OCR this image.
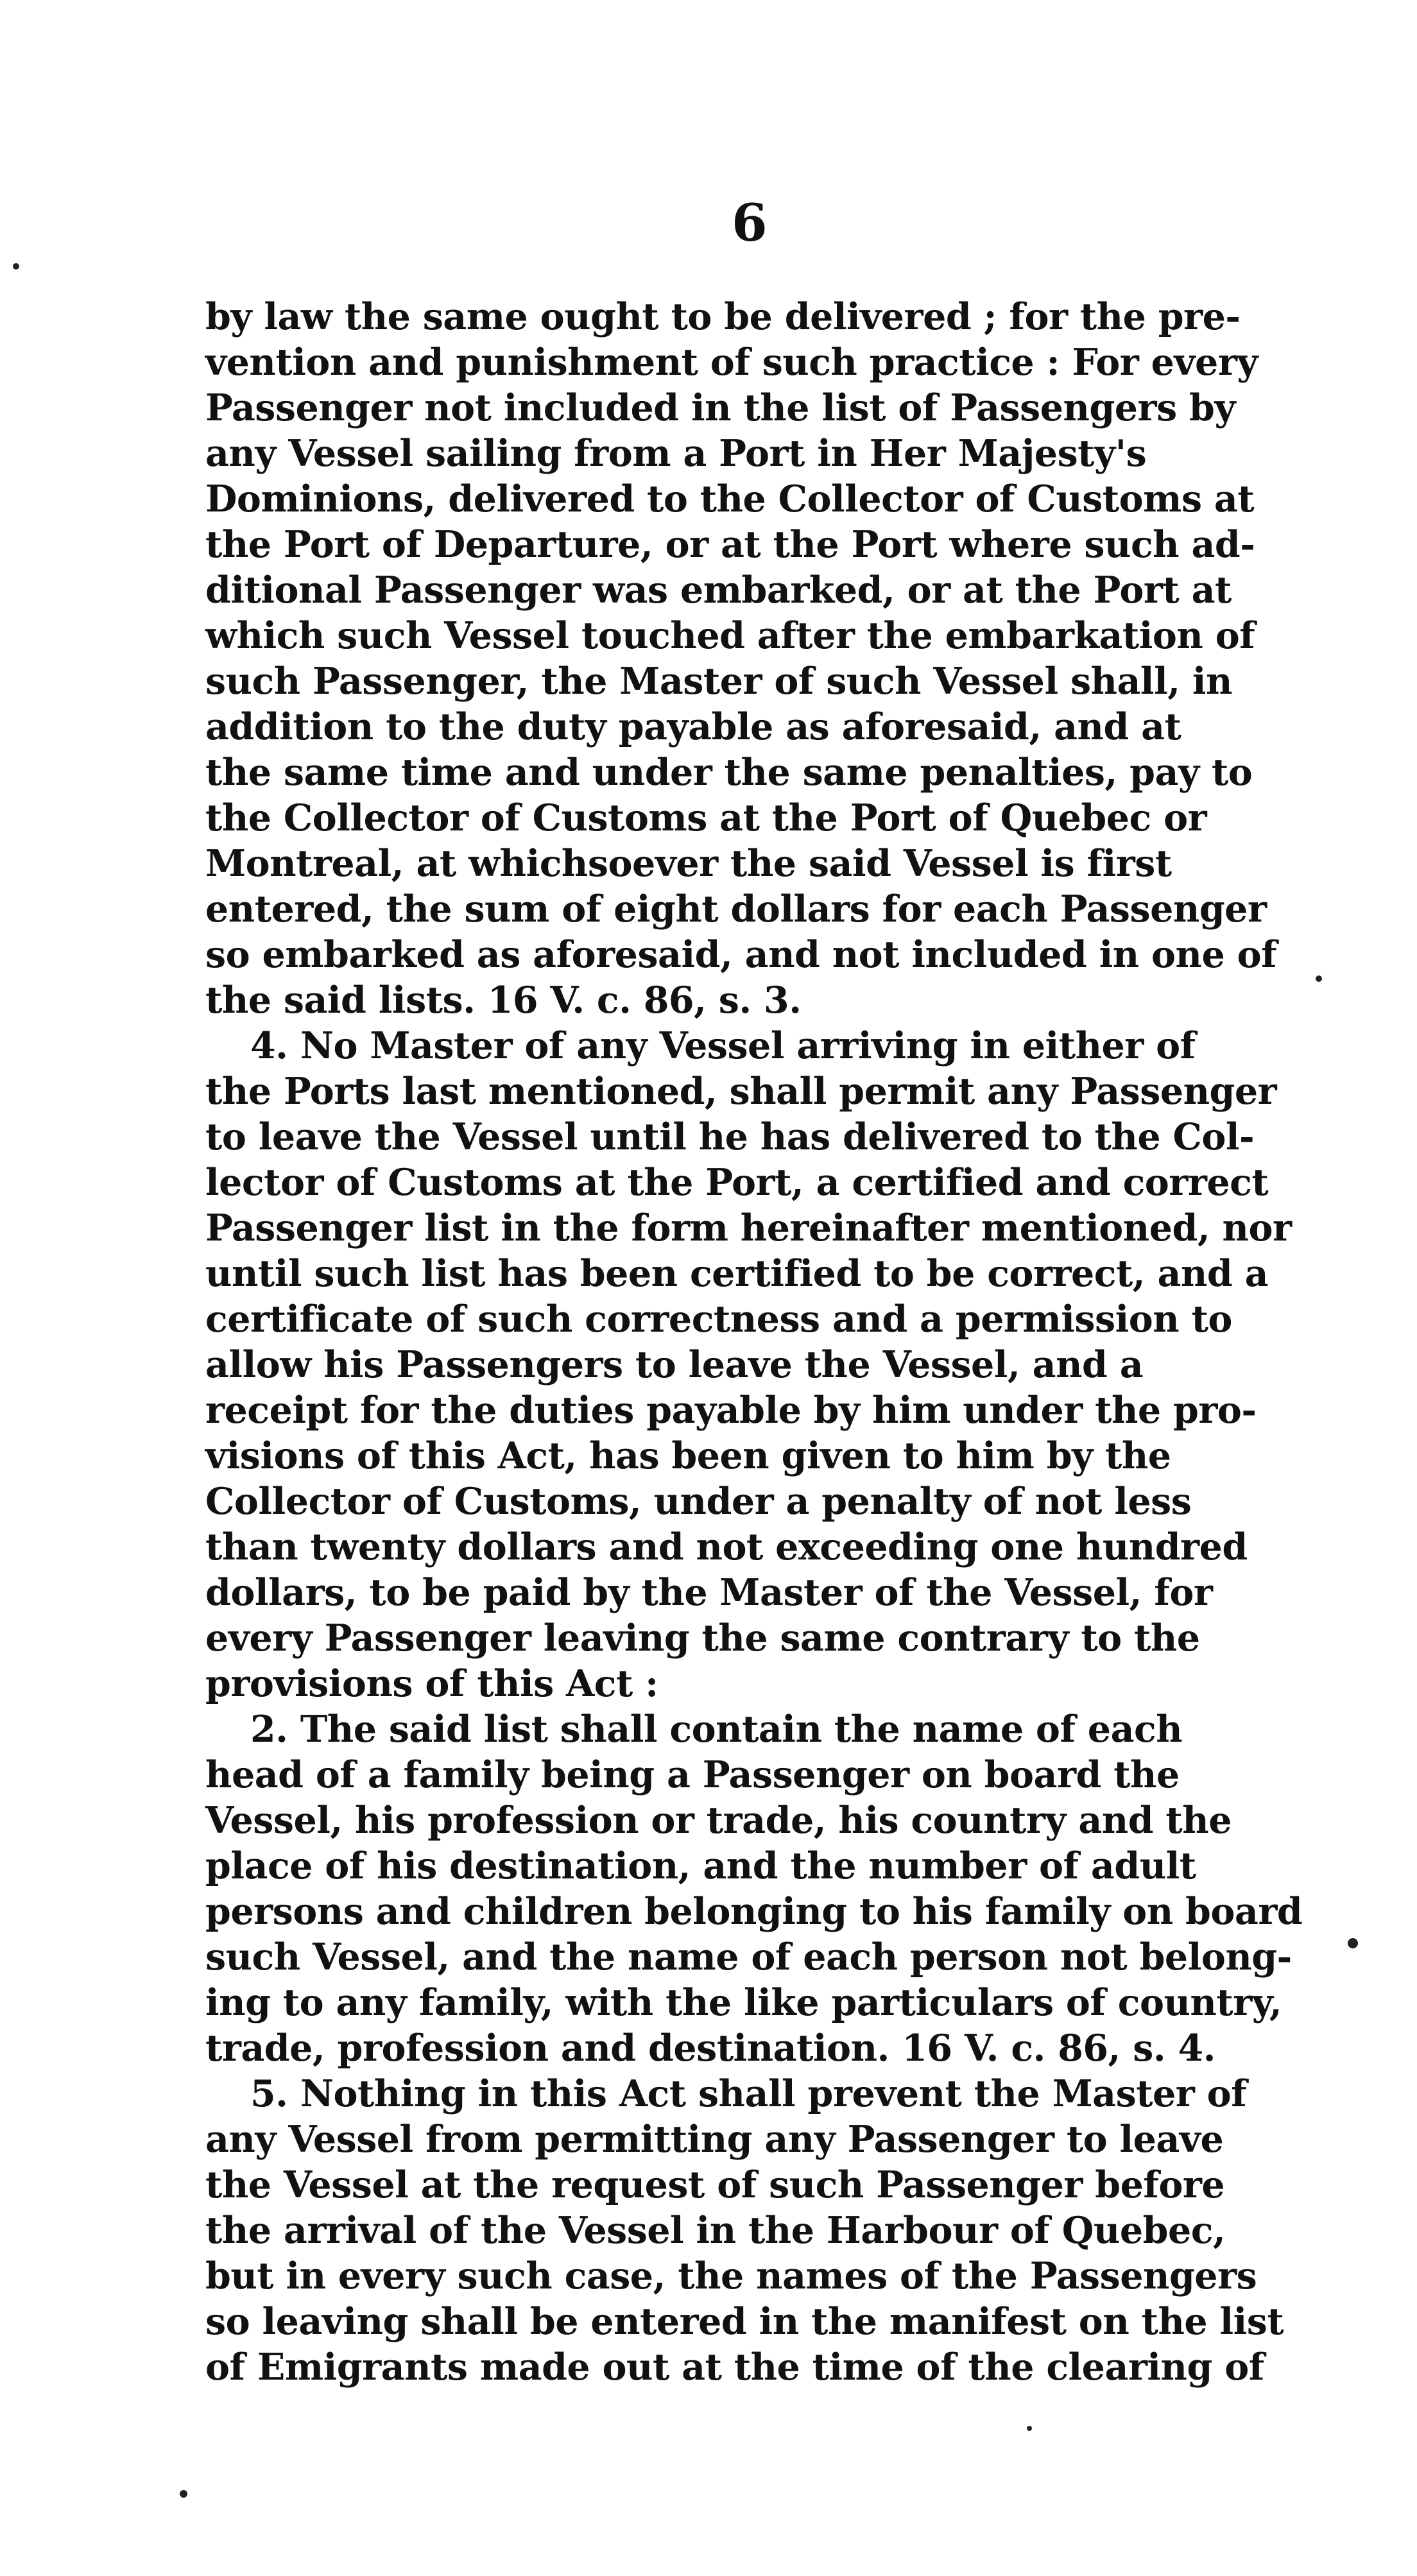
6
by law the same ought to be delivered ; for the pre-
vention and punishment of such practice : For every
Passenger not included in the list of Passengers by
any Vessel sailing from a Port in Her Majesty's
Dominions, delivered to the Collector of Customs at
the Port of Departure, or at the Port where such ad-
ditional Passenger was embarked, or at the Port at
which such Vessel touched after the embarkation of
such Passenger, the Master of such Vessel shall, in
addition to the duty payable as aforesaid, and at
the same time and under the same penalties, pay to
the Collector of Customs at the Port of Quebec or
Montreal, at whichsoever the said Vessel is first
entered, the sum of eight dollars for each Passenger
so embarked as aforesaid, and not included in one of
the said lists. 16 V. c. 86, s. 3.
4. No Master of any Vessel arriving in either of
the Ports last mentioned, shall permit any Passenger
to leave the Vessel until he has delivered to the Col-
lector of Customs at the Port, a certified and correct
Passenger list in the form hereinafter mentioned, nor
until such list has been certified to be correct, and a
certificate of such correctness and a permission to
allow his Passengers to leave the Vessel, and a
receipt for the duties payable by him under the pro-
visions of this Act, has been given to him by the
Collector of Customs, under a penalty of not less
than twenty dollars and not exceeding one hundred
dollars, to be paid by the Master of the Vessel, for
every Passenger leaving the same contrary to the
provisions of this Act :
2. The said list shall contain the name of each
head of a family being a Passenger on board the
Vessel, his profession or trade, his country and the
place of his destination, and the number of adult
persons and children belonging to his family on board
such Vessel, and the name of each person not belong-
ing to any family, with the like particulars of country,
trade, profession and destination. 16 V. c. 86, s. 4.
5. Nothing in this Act shall prevent the Master of
any Vessel from permitting any Passenger to leave
the Vessel at the request of such Passenger before
the arrival of the Vessel in the Harbour of Quebec,
but in every such case, the names of the Passengers
so leaving shall be entered in the manifest on the list
of Emigrants made out at the time of the clearing of
